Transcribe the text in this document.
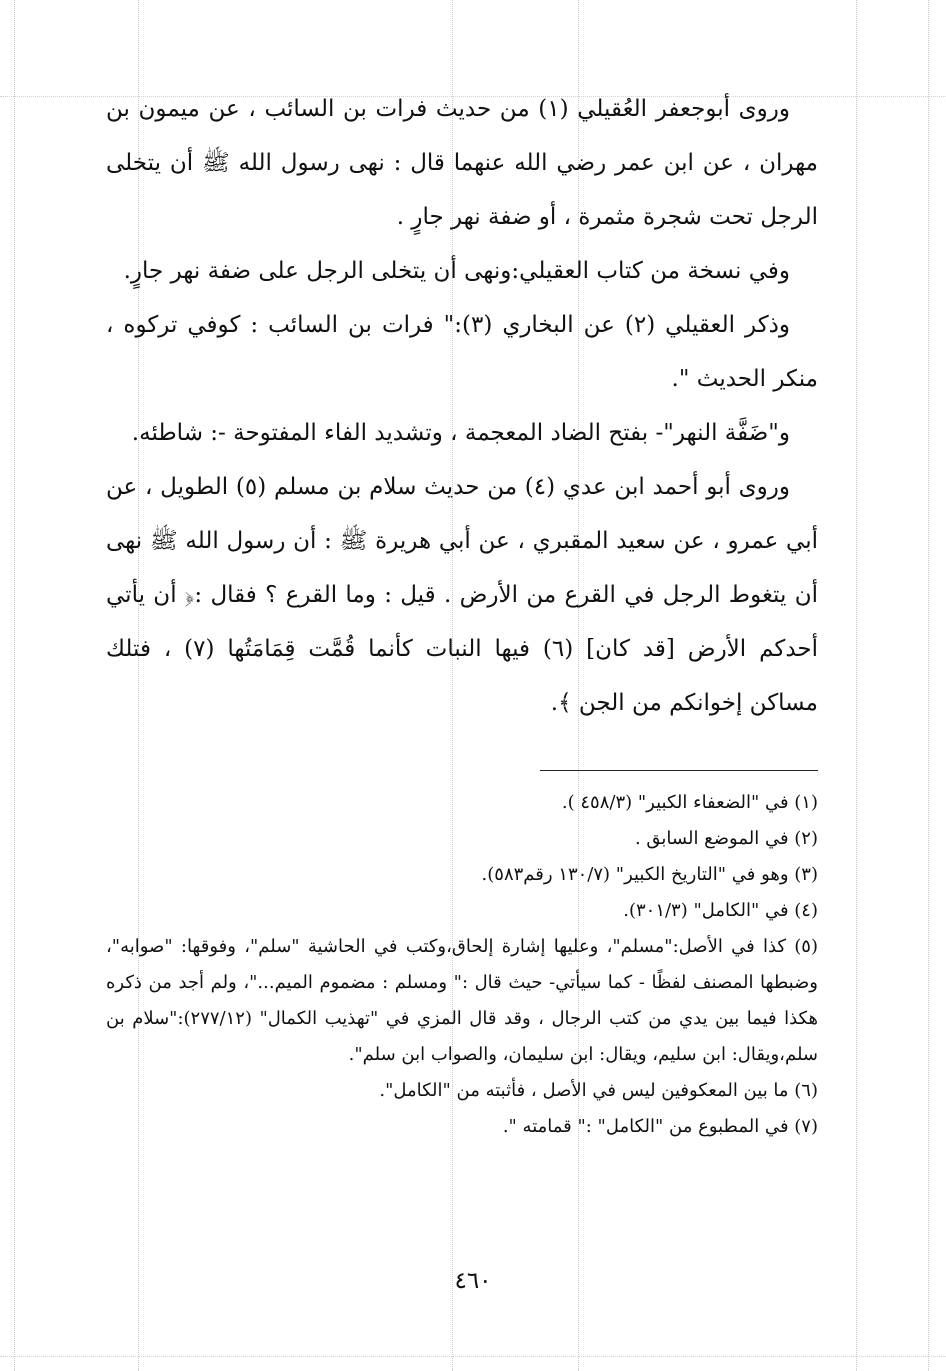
وروى أبوجعفر العُقيلي (١) من حديث فرات بن السائب ، عن ميمون بن مهران ، عن ابن عمر رضي الله عنهما قال : نهى رسول الله ﷺ أن يتخلى الرجل تحت شجرة مثمرة ، أو ضفة نهر جارٍ .

وفي نسخة من كتاب العقيلي:ونهى أن يتخلى الرجل على ضفة نهر جارٍ.

وذكر العقيلي (٢) عن البخاري (٣):" فرات بن السائب : كوفي تركوه ، منكر الحديث ".

و"ضَفَّة النهر"- بفتح الضاد المعجمة ، وتشديد الفاء المفتوحة -: شاطئه.

وروى أبو أحمد ابن عدي (٤) من حديث سلام بن مسلم (٥) الطويل ، عن أبي عمرو ، عن سعيد المقبري ، عن أبي هريرة ﷺ : أن رسول الله ﷺ نهى أن يتغوط الرجل في القرع من الأرض . قيل : وما القرع ؟ فقال :﴿ أن يأتي أحدكم الأرض [قد كان] (٦) فيها النبات كأنما قُمَّت قِمَامَتُها (٧) ، فتلك مساكن إخوانكم من الجن ﴾.

(١) في "الضعفاء الكبير" (٤٥٨/٣ ).

(٢) في الموضع السابق .

(٣) وهو في "التاريخ الكبير" (١٣٠/٧ رقم٥٨٣).

(٤) في "الكامل" (٣٠١/٣).

(٥) كذا في الأصل:"مسلم"، وعليها إشارة إلحاق،وكتب في الحاشية "سلم"، وفوقها: "صوابه"، وضبطها المصنف لفظًا - كما سيأتي- حيث قال :" ومسلم : مضموم الميم..."، ولم أجد من ذكره هكذا فيما بين يدي من كتب الرجال ، وقد قال المزي في "تهذيب الكمال" (٢٧٧/١٢):"سلام بن سلم،ويقال: ابن سليم، ويقال: ابن سليمان، والصواب ابن سلم".

(٦) ما بين المعكوفين ليس في الأصل ، فأثبته من "الكامل".

(٧) في المطبوع من "الكامل" :" قمامته ".

٤٦٠
